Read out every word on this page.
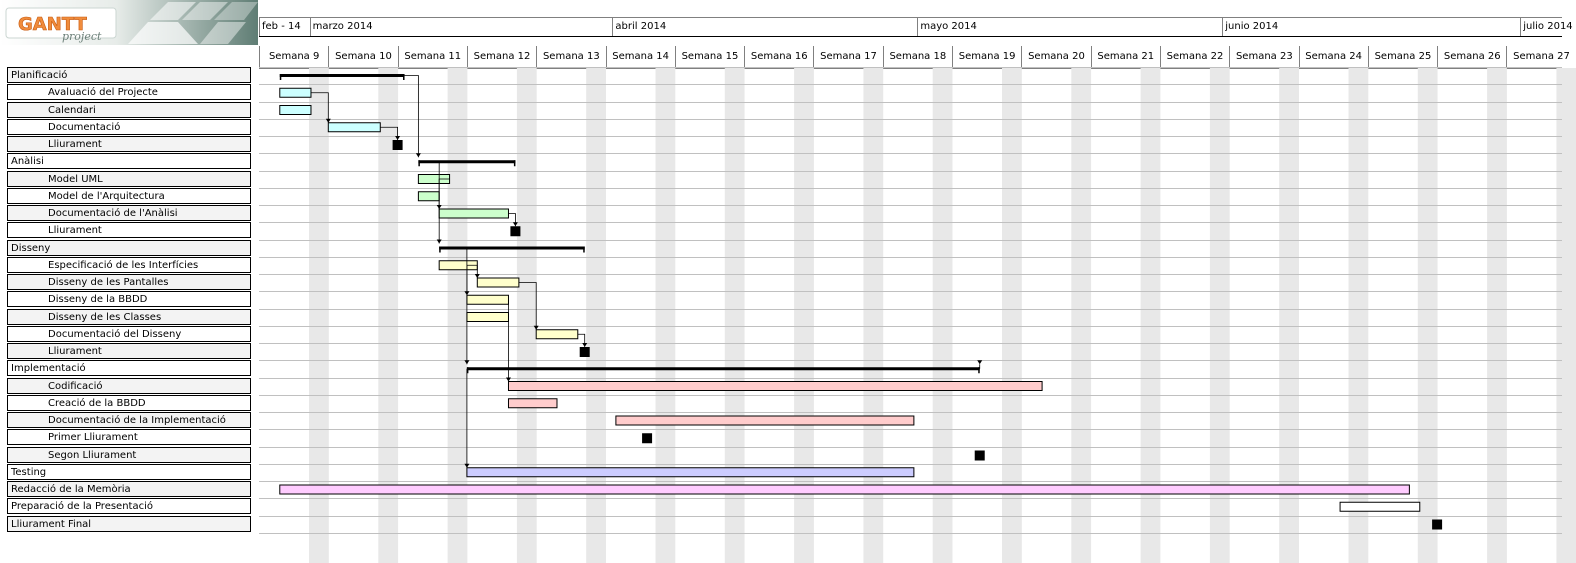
GANTT
project
Planificació
Avaluació del Projecte
Calendari
Documentació
Lliurament
Anàlisi
Model UML
Model de l'Arquitectura
Documentació de l'Anàlisi
Lliurament
Disseny
Especificació de les Interfícies
Disseny de les Pantalles
Disseny de la BBDD
Disseny de les Classes
Documentació del Disseny
Lliurament
Implementació
Codificació
Creació de la BBDD
Documentació de la Implementació
Primer Lliurament
Segon Lliurament
Testing
Redacció de la Memòria
Preparació de la Presentació
Lliurament Final
feb - 14	marzo 2014	abril 2014	mayo 2014	junio 2014	julio 2014
Semana 9	Semana 10	Semana 11	Semana 12	Semana 13	Semana 14	Semana 15	Semana 16	Semana 17	Semana 18	Semana 19	Semana 20	Semana 21	Semana 22	Semana 23	Semana 24	Semana 25	Semana 26	Semana 27
